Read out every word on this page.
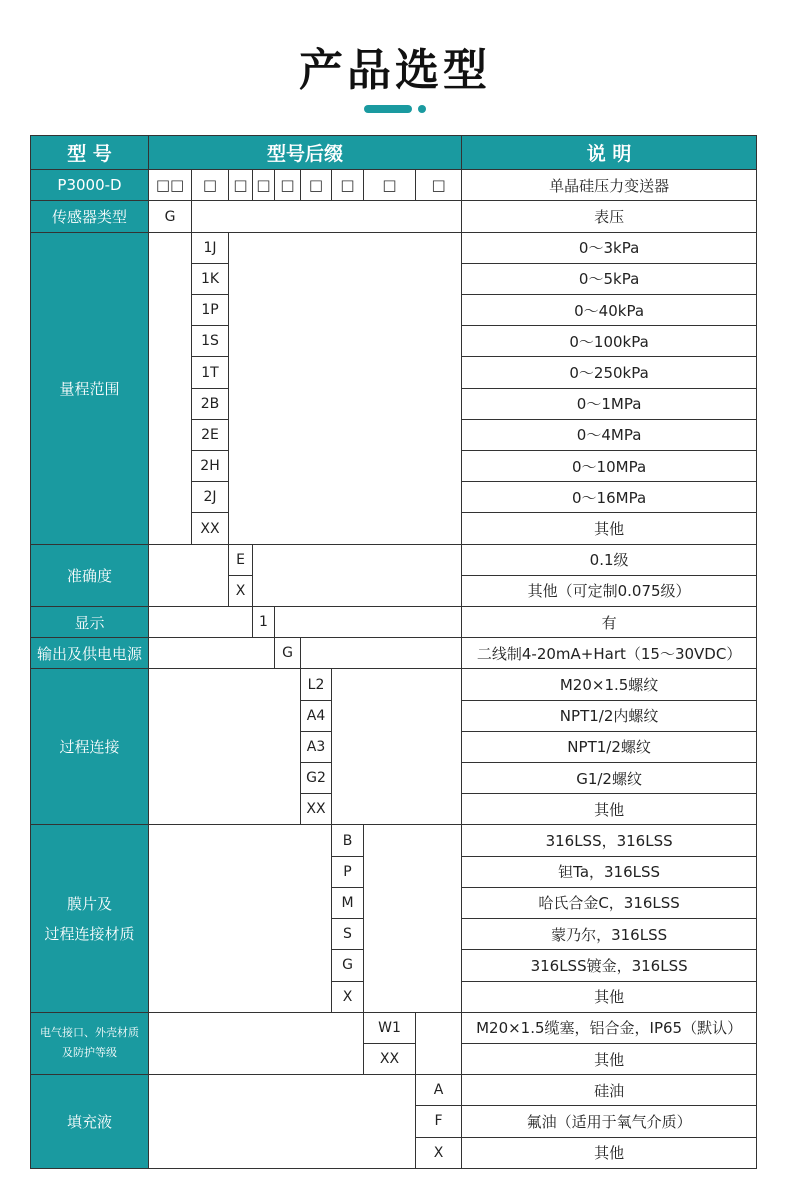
产品选型
型 号	型号后缀									说 明
P3000-D	□□	□	□	□	□	□	□	□	□	单晶硅压力变送器
传感器类型	G									表压
量程范围		1J								0～3kPa
		1K								0～5kPa
		1P								0～40kPa
		1S								0～100kPa
		1T								0～250kPa
		2B								0～1MPa
		2E								0～4MPa
		2H								0～10MPa
		2J								0～16MPa
		XX								其他
准确度			E							0.1级
			X							其他（可定制0.075级）
显示				1						有
输出及供电电源					G					二线制4-20mA+Hart（15～30VDC）
过程连接						L2				M20×1.5螺纹
						A4				NPT1/2内螺纹
						A3				NPT1/2螺纹
						G2				G1/2螺纹
						XX				其他

膜片及
过程连接材质							B			316LSS，316LSS
							P			钽Ta，316LSS
							M			哈氏合金C，316LSS
							S			蒙乃尔，316LSS
							G			316LSS镀金，316LSS
							X			其他

电气接口、外壳材质
及防护等级								W1		M20×1.5缆塞，铝合金，IP65（默认）
								XX		其他
填充液									A	硅油
									F	氟油（适用于氧气介质）
									X	其他
